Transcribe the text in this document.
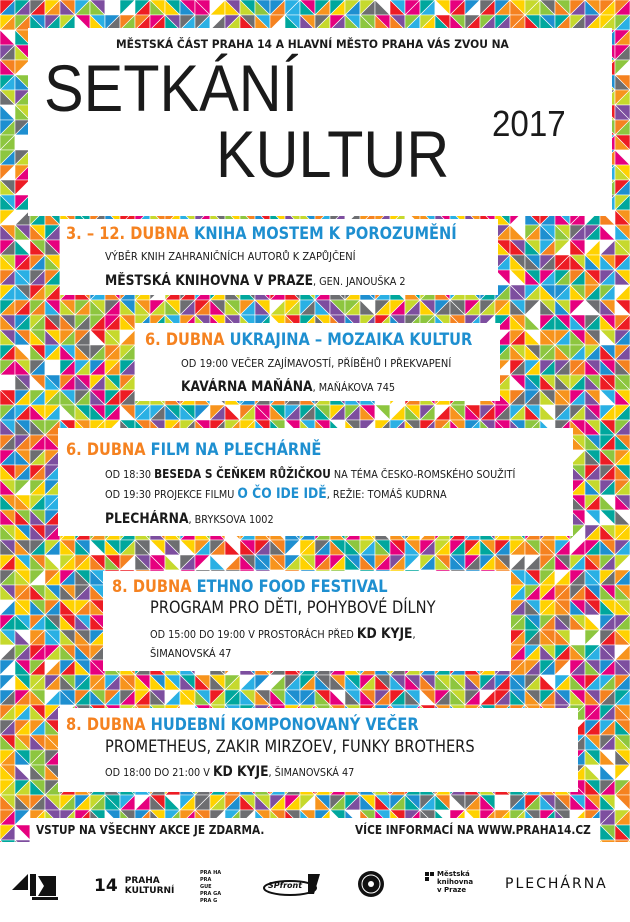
MĚSTSKÁ ČÁST PRAHA 14 A HLAVNÍ MĚSTO PRAHA VÁS ZVOU NA
SETKÁNÍ
KULTUR	2017
3. – 12. DUBNA KNIHA MOSTEM K POROZUMĚNÍ
VÝBĚR KNIH ZAHRANIČNÍCH AUTORŮ K ZAPŮJČENÍ
MĚSTSKÁ KNIHOVNA V PRAZE, GEN. JANOUŠKA 2
6. DUBNA UKRAJINA – MOZAIKA KULTUR
OD 19:00 VEČER ZAJÍMAVOSTÍ, PŘÍBĚHŮ I PŘEKVAPENÍ
KAVÁRNA MAŇÁNA, MAŇÁKOVA 745
6. DUBNA FILM NA PLECHÁRNĚ
OD 18:30 BESEDA S ČEŇKEM RŮŽIČKOU NA TÉMA ČESKO-ROMSKÉHO SOUŽITÍ
OD 19:30 PROJEKCE FILMU O ČO IDE IDĚ, REŽIE: TOMÁŠ KUDRNA
PLECHÁRNA, BRYKSOVA 1002
8. DUBNA ETHNO FOOD FESTIVAL
PROGRAM PRO DĚTI, POHYBOVÉ DÍLNY
OD 15:00 DO 19:00 V PROSTORÁCH PŘED KD KYJE,
ŠIMANOVSKÁ 47
8. DUBNA HUDEBNÍ KOMPONOVANÝ VEČER
PROMETHEUS, ZAKIR MIRZOEV, FUNKY BROTHERS
OD 18:00 DO 21:00 V KD KYJE, ŠIMANOVSKÁ 47
VSTUP NA VŠECHNY AKCE JE ZDARMA.	VÍCE INFORMACÍ NA WWW.PRAHA14.CZ
14 PRAHA
KULTURNÍ
PRA HA
PRA GUE
PRA GA
PRA G
SPfront
Městská
knihovna
v Praze	PLECHÁRNA
